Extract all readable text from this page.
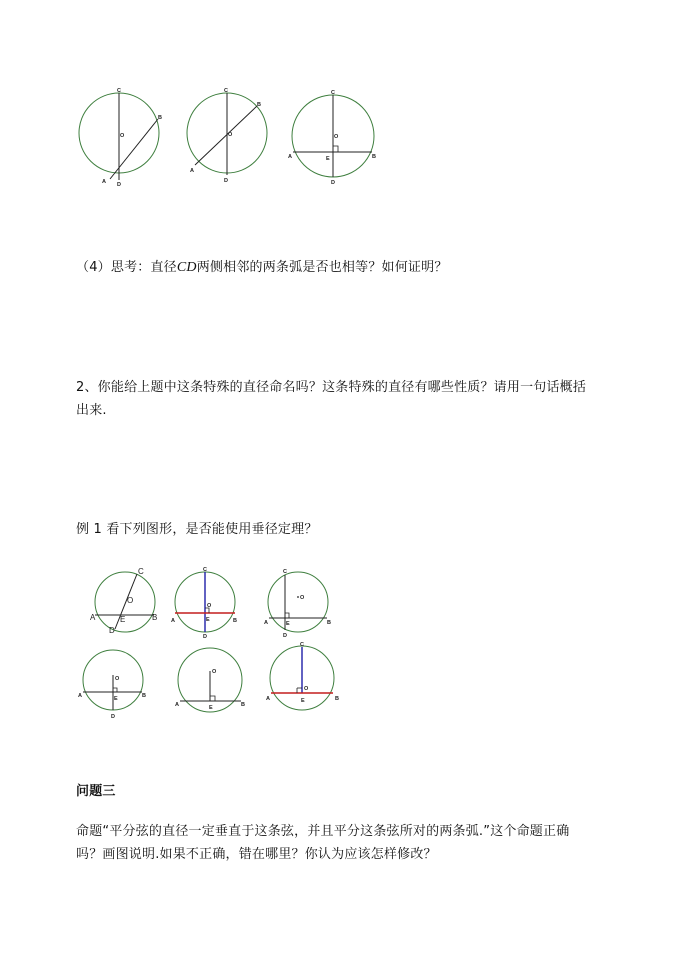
C
O
B
A D
C
O
B
A
D
C
O
A	E	B
D
（4）思考：直径CD两侧相邻的两条弧是否也相等？如何证明？
2、你能给上题中这条特殊的直径命名吗？这条特殊的直径有哪些性质？请用一句话概括
出来.
例 1 看下列图形，是否能使用垂径定理？
C
O
A	E	B
D
C
O
A	E	B
D
C
O
A	E	B
D
O
A	E	B
D
O
A	E	B
C
O
A	E	B
问题三
命题“平分弦的直径一定垂直于这条弦，并且平分这条弦所对的两条弧.”这个命题正确
吗？画图说明.如果不正确，错在哪里？你认为应该怎样修改？
